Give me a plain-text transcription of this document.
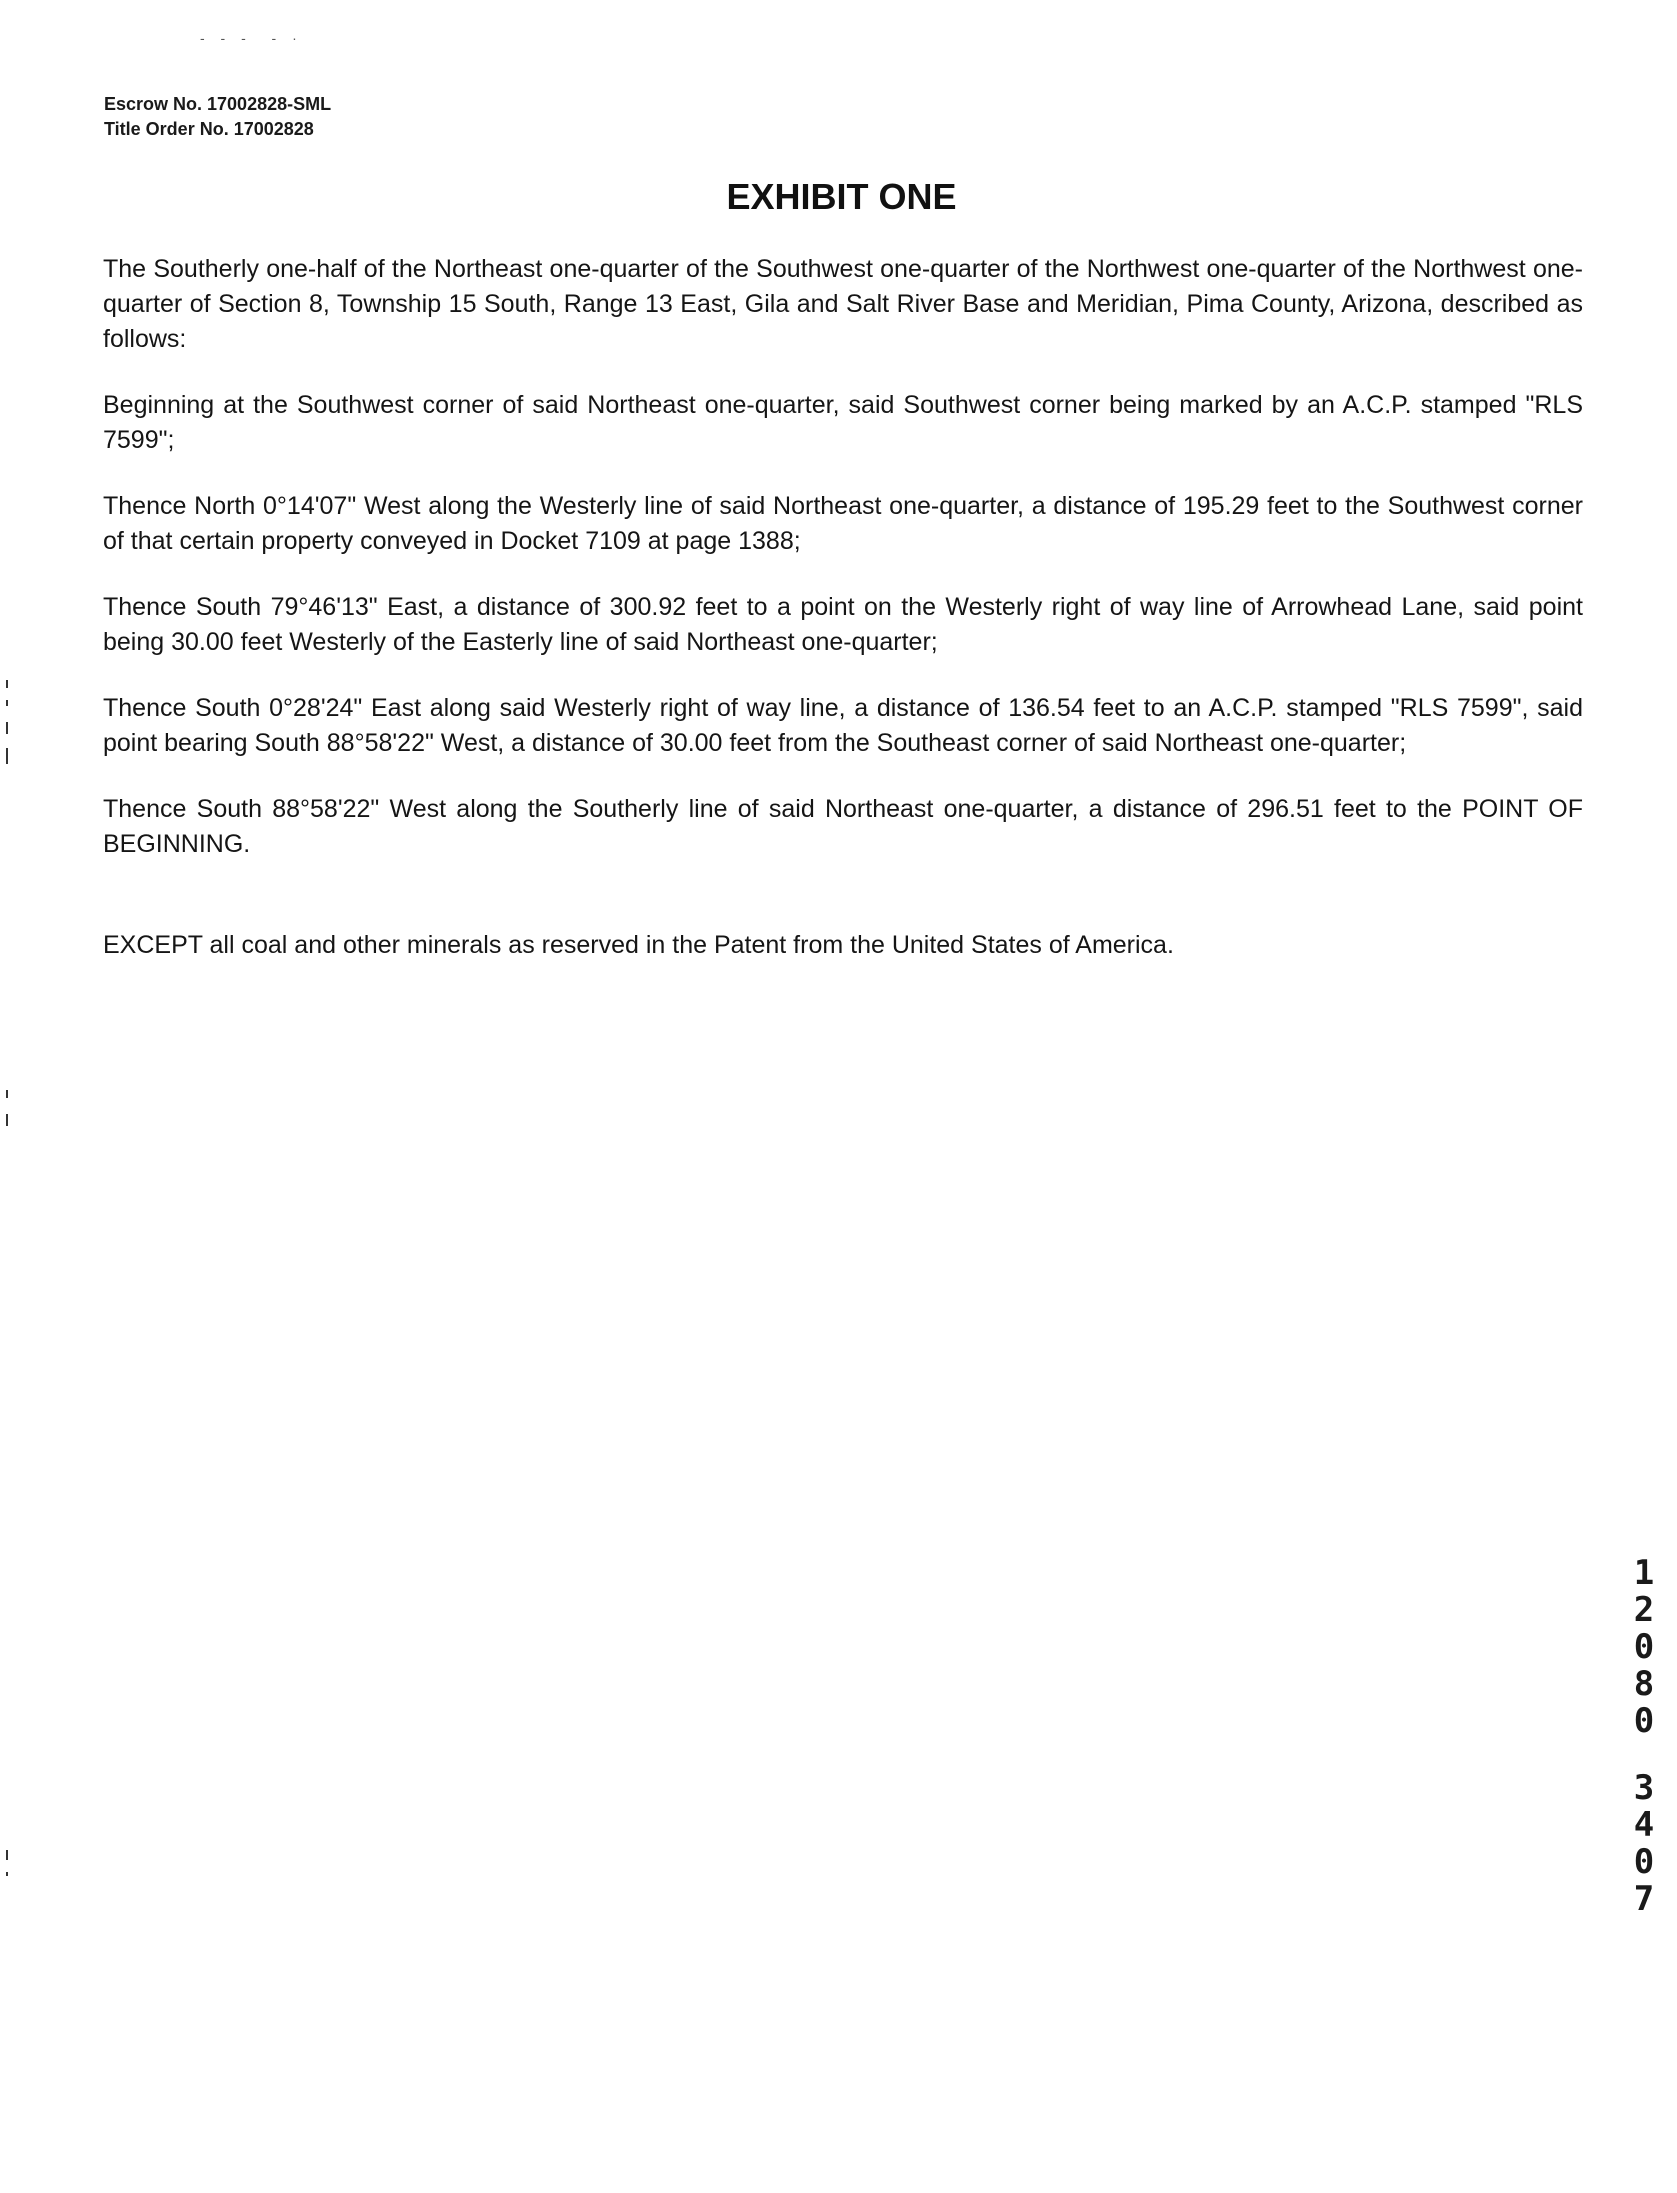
- - -  - ·
Escrow No. 17002828-SML
Title Order No. 17002828
EXHIBIT ONE

The Southerly one-half of the Northeast one-quarter of the Southwest one-quarter of the Northwest one-quarter of the Northwest one-quarter of Section 8, Township 15 South, Range 13 East, Gila and Salt River Base and Meridian, Pima County, Arizona, described as follows:

Beginning at the Southwest corner of said Northeast one-quarter, said Southwest corner being marked by an A.C.P. stamped "RLS 7599";

Thence North 0°14'07" West along the Westerly line of said Northeast one-quarter, a distance of 195.29 feet to the Southwest corner of that certain property conveyed in Docket 7109 at page 1388;

Thence South 79°46'13" East, a distance of 300.92 feet to a point on the Westerly right of way line of Arrowhead Lane, said point being 30.00 feet Westerly of the Easterly line of said Northeast one-quarter;

Thence South 0°28'24" East along said Westerly right of way line, a distance of 136.54 feet to an A.C.P. stamped "RLS 7599", said point bearing South 88°58'22" West, a distance of 30.00 feet from the Southeast corner of said Northeast one-quarter;

Thence South 88°58'22" West along the Southerly line of said Northeast one-quarter, a distance of 296.51 feet to the POINT OF BEGINNING.

EXCEPT all coal and other minerals as reserved in the Patent from the United States of America.

1
2
0
8
0
3
4
0
7
